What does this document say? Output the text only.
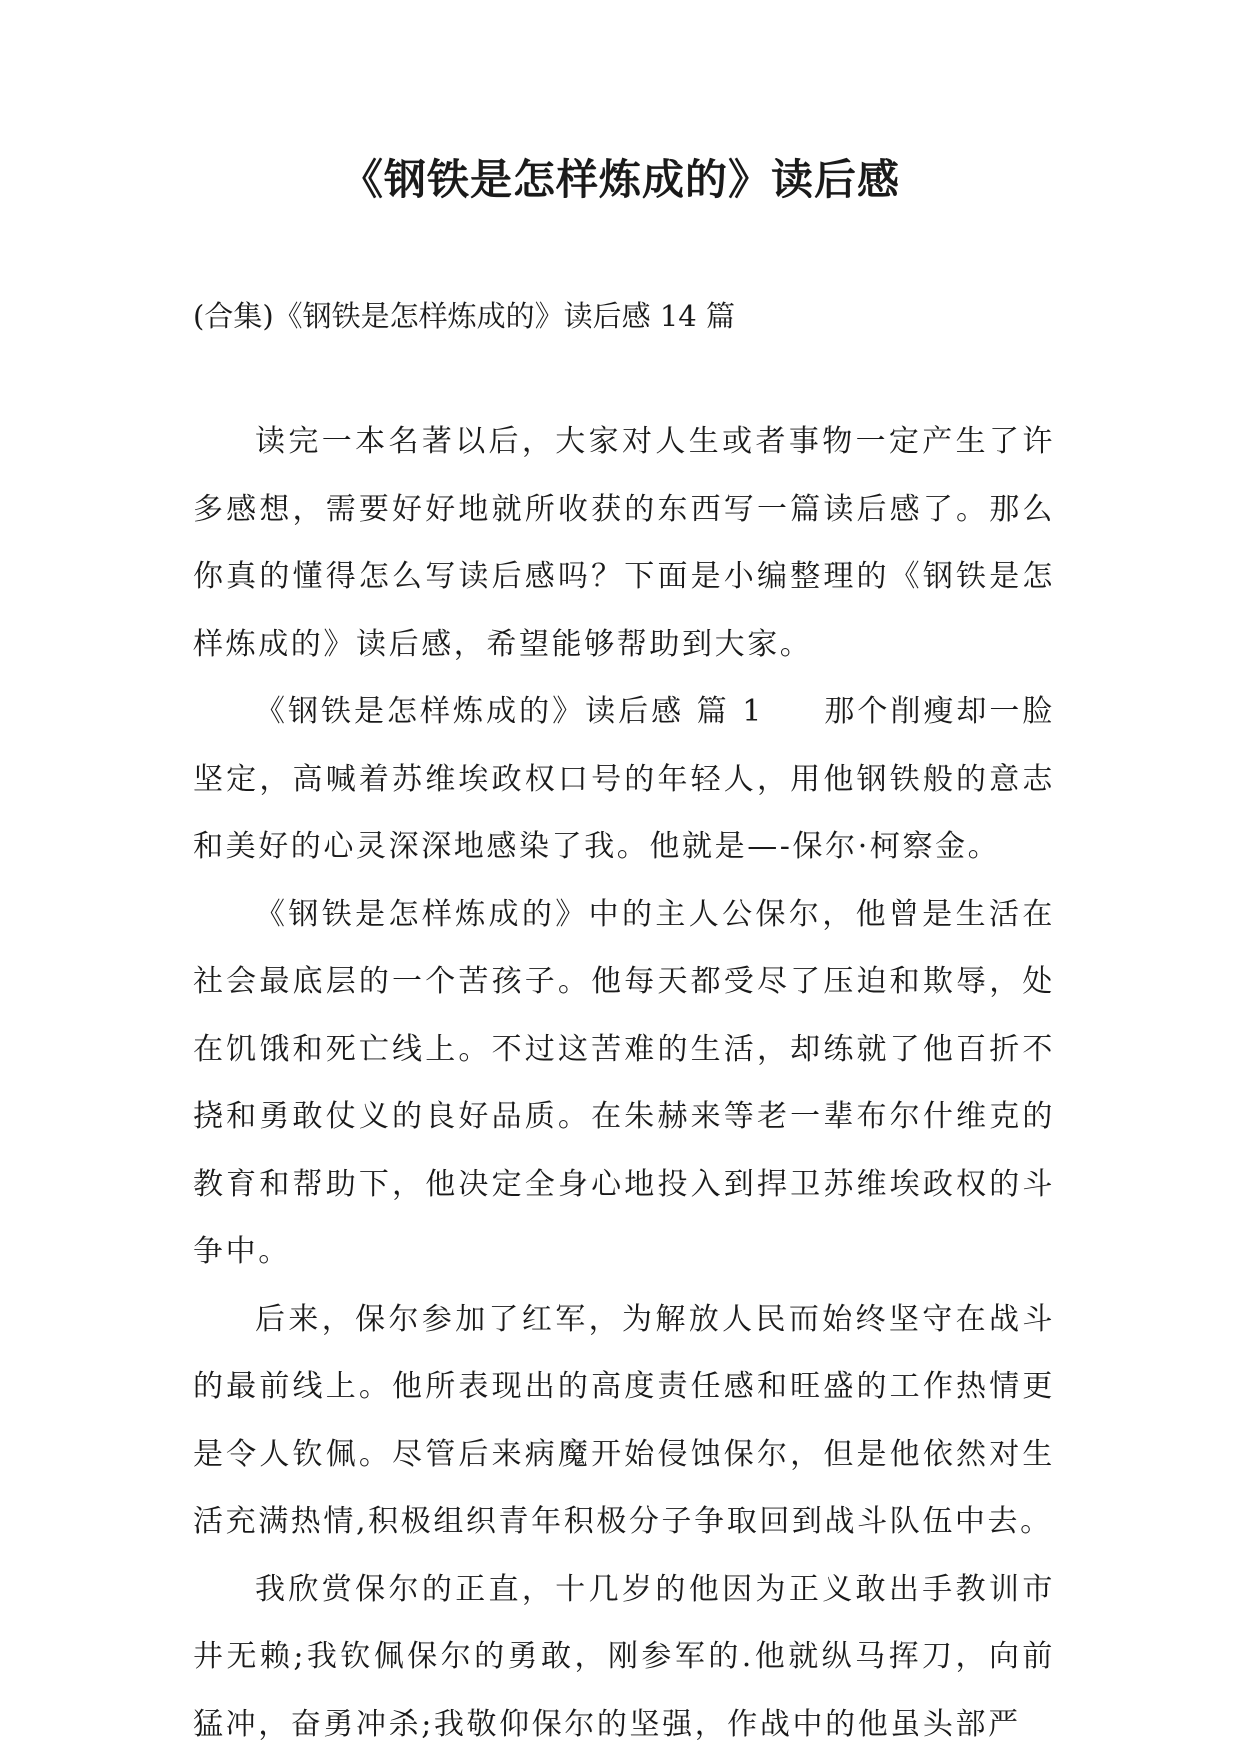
《钢铁是怎样炼成的》读后感

(合集)《钢铁是怎样炼成的》读后感 14 篇

读完一本名著以后，大家对人生或者事物一定产生了许多感想，需要好好地就所收获的东西写一篇读后感了。那么你真的懂得怎么写读后感吗？下面是小编整理的《钢铁是怎样炼成的》读后感，希望能够帮助到大家。

《钢铁是怎样炼成的》读后感 篇 1 那个削瘦却一脸坚定，高喊着苏维埃政权口号的年轻人，用他钢铁般的意志和美好的心灵深深地感染了我。他就是—-保尔·柯察金。

《钢铁是怎样炼成的》中的主人公保尔，他曾是生活在社会最底层的一个苦孩子。他每天都受尽了压迫和欺辱，处在饥饿和死亡线上。不过这苦难的生活，却练就了他百折不挠和勇敢仗义的良好品质。在朱赫来等老一辈布尔什维克的教育和帮助下，他决定全身心地投入到捍卫苏维埃政权的斗争中。

后来，保尔参加了红军，为解放人民而始终坚守在战斗的最前线上。他所表现出的高度责任感和旺盛的工作热情更是令人钦佩。尽管后来病魔开始侵蚀保尔，但是他依然对生活充满热情,积极组织青年积极分子争取回到战斗队伍中去。

我欣赏保尔的正直，十几岁的他因为正义敢出手教训市井无赖;我钦佩保尔的勇敢，刚参军的.他就纵马挥刀，向前猛冲，奋勇冲杀;我敬仰保尔的坚强，作战中的他虽头部严
